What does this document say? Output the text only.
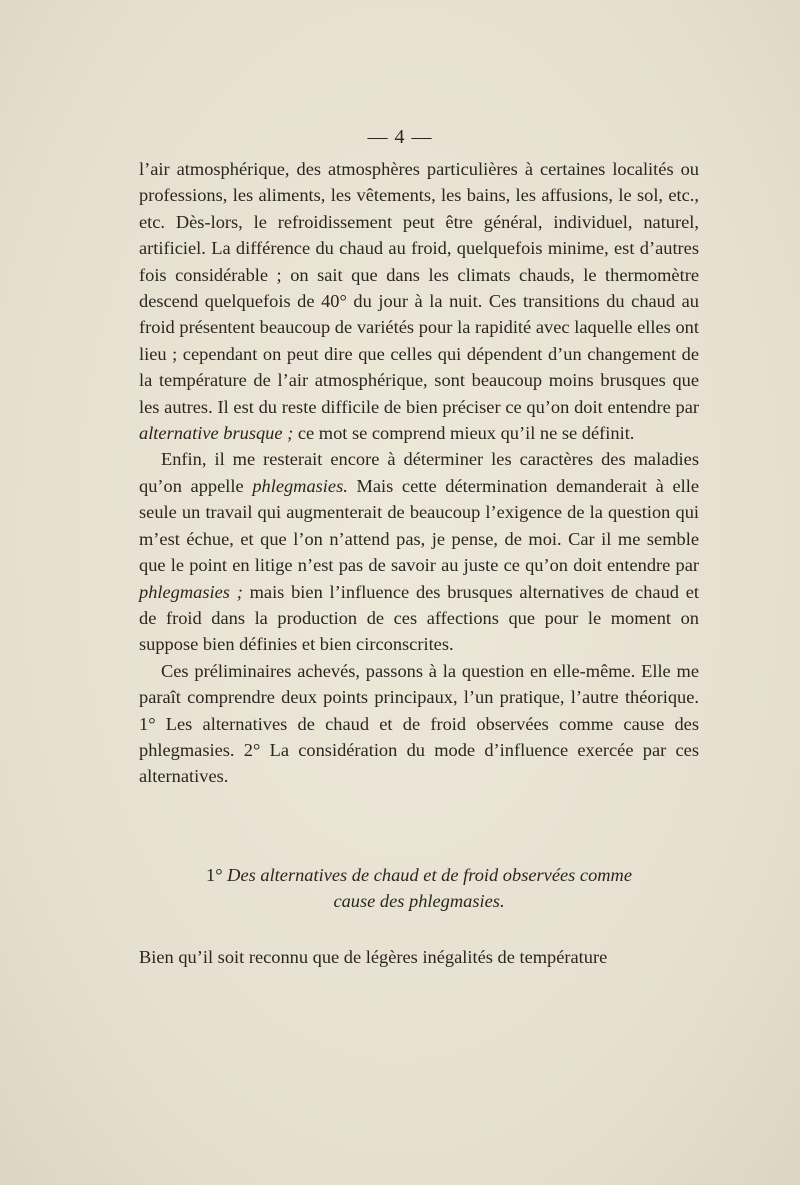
— 4 —

l’air atmosphérique, des atmosphères particulières à certaines localités ou professions, les aliments, les vêtements, les bains, les affusions, le sol, etc., etc. Dès-lors, le refroidissement peut être général, individuel, naturel, artificiel. La différence du chaud au froid, quelquefois minime, est d’autres fois considérable ; on sait que dans les climats chauds, le thermomètre descend quelquefois de 40° du jour à la nuit. Ces transitions du chaud au froid présentent beaucoup de variétés pour la rapidité avec laquelle elles ont lieu ; cependant on peut dire que celles qui dépendent d’un changement de la température de l’air atmosphérique, sont beaucoup moins brusques que les autres. Il est du reste difficile de bien préciser ce qu’on doit entendre par alternative brusque ; ce mot se comprend mieux qu’il ne se définit.

Enfin, il me resterait encore à déterminer les caractères des maladies qu’on appelle phlegmasies. Mais cette détermination demanderait à elle seule un travail qui augmenterait de beaucoup l’exigence de la question qui m’est échue, et que l’on n’attend pas, je pense, de moi. Car il me semble que le point en litige n’est pas de savoir au juste ce qu’on doit entendre par phlegmasies ; mais bien l’influence des brusques alternatives de chaud et de froid dans la production de ces affections que pour le moment on suppose bien définies et bien circonscrites.

Ces préliminaires achevés, passons à la question en elle-même. Elle me paraît comprendre deux points principaux, l’un pratique, l’autre théorique. 1° Les alternatives de chaud et de froid observées comme cause des phlegmasies. 2° La considération du mode d’influence exercée par ces alternatives.

1° Des alternatives de chaud et de froid observées comme
cause des phlegmasies.
Bien qu’il soit reconnu que de légères inégalités de température
